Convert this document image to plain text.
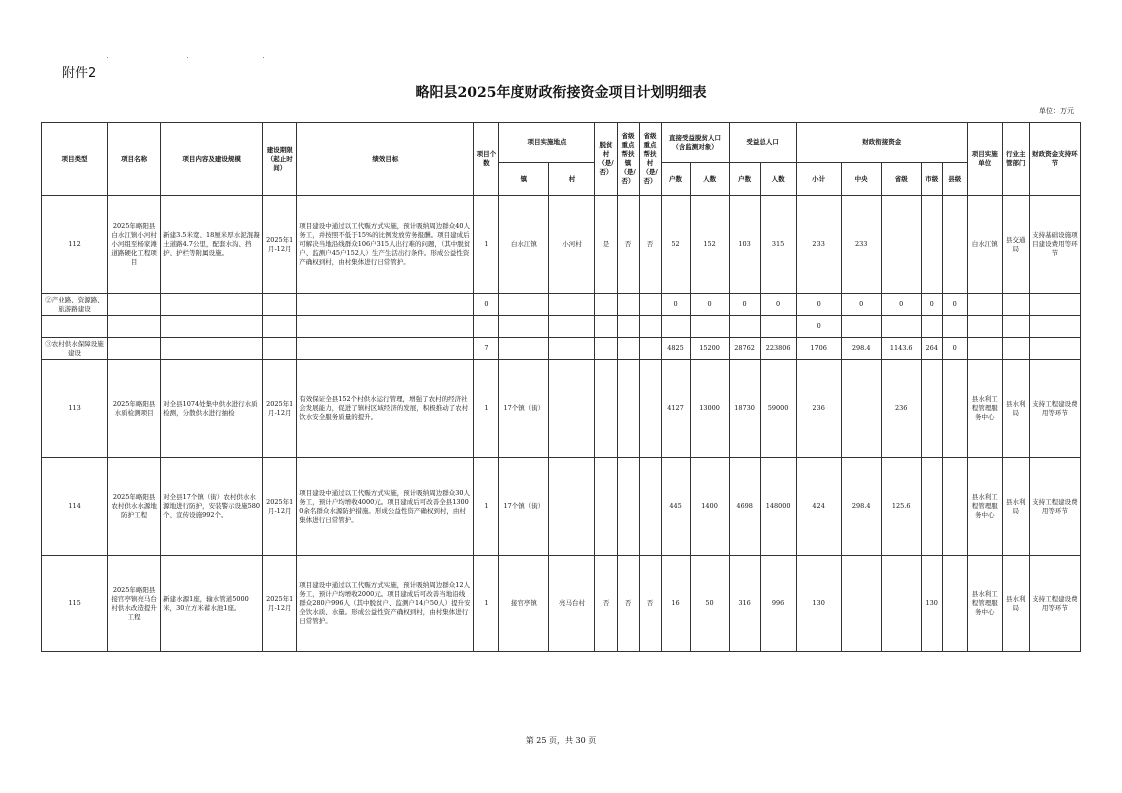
附件2
略阳县2025年度财政衔接资金项目计划明细表
单位：万元
项目类型	项目名称	项目内容及建设规模	建设期限（起止时间）	绩效目标	项目个数	项目实施地点		脱贫村（是/否）	省级重点帮扶镇（是/否）	省级重点帮扶村（是/否）	直接受益脱贫人口（含监测对象）		受益总人口		财政衔接资金					项目实施单位	行业主管部门	财政资金支持环节
						镇	村				户数	人数	户数	人数	小计	中央	省级	市级	县级			
112	2025年略阳县白水江镇小河村小河组至杨家滩道路硬化工程项目	新建3.5米宽、18厘米厚水泥混凝土道路4.7公里，配套水沟、挡护、护栏等附属设施。	2025年1月-12月	项目建设中通过以工代赈方式实施，预计吸纳周边群众40人务工，并按照不低于15%的比例发放劳务报酬。项目建成后可解决当地沿线群众106户315人出行难的问题，（其中脱贫户、监测户45户152人）生产生活出行条件。形成公益性资产确权到村，由村集体进行日常管护。	1	白水江镇	小河村	是	否	否	52	152	103	315	233	233				白水江镇	县交通局	支持基础设施项目建设费用等环节
②产业路、资源路、旅游路建设					0						0	0	0	0	0	0	0	0	0			
															0							
③农村供水保障设施建设					7						4825	15200	28762	223806	1706	298.4	1143.6	264	0			
113	2025年略阳县水质检测项目	对全县1074处集中供水进行水质检测，分散供水进行抽检	2025年1月-12月	有效保证全县152个村供水运行管理，增强了农村的经济社会发展能力，促进了镇村区域经济的发展，积极推动了农村饮水安全服务质量的提升。	1	17个镇（街）					4127	13000	18730	59000	236		236			县水利工程管理服务中心	县水利局	支持工程建设费用等环节
114	2025年略阳县农村供水水源地防护工程	对全县17个镇（街）农村供水水源地进行防护，安装警示设施580个、宣传设施992个。	2025年1月-12月	项目建设中通过以工代赈方式实施，预计吸纳周边群众30人务工，预计户均增收4000元。项目建成后可改善全县13000余名群众水源防护措施。形成公益性资产确权到村，由村集体进行日常管护。	1	17个镇（街）					445	1400	4698	148000	424	298.4	125.6			县水利工程管理服务中心	县水利局	支持工程建设费用等环节
115	2025年略阳县接官亭镇亮马台村供水改造提升工程	新建水源1座，输水管道5000米，30立方米蓄水池1座。	2025年1月-12月	项目建设中通过以工代赈方式实施，预计吸纳周边群众12人务工，预计户均增收2000元。项目建成后可改善当地沿线群众280户996人（其中脱贫户、监测户14户50人）提升安全饮水质、水量。形成公益性资产确权到村，由村集体进行日常管护。	1	接官亭镇	亮马台村	否	否	否	16	50	316	996	130			130		县水利工程管理服务中心	县水利局	支持工程建设费用等环节
第 25 页，共 30 页
